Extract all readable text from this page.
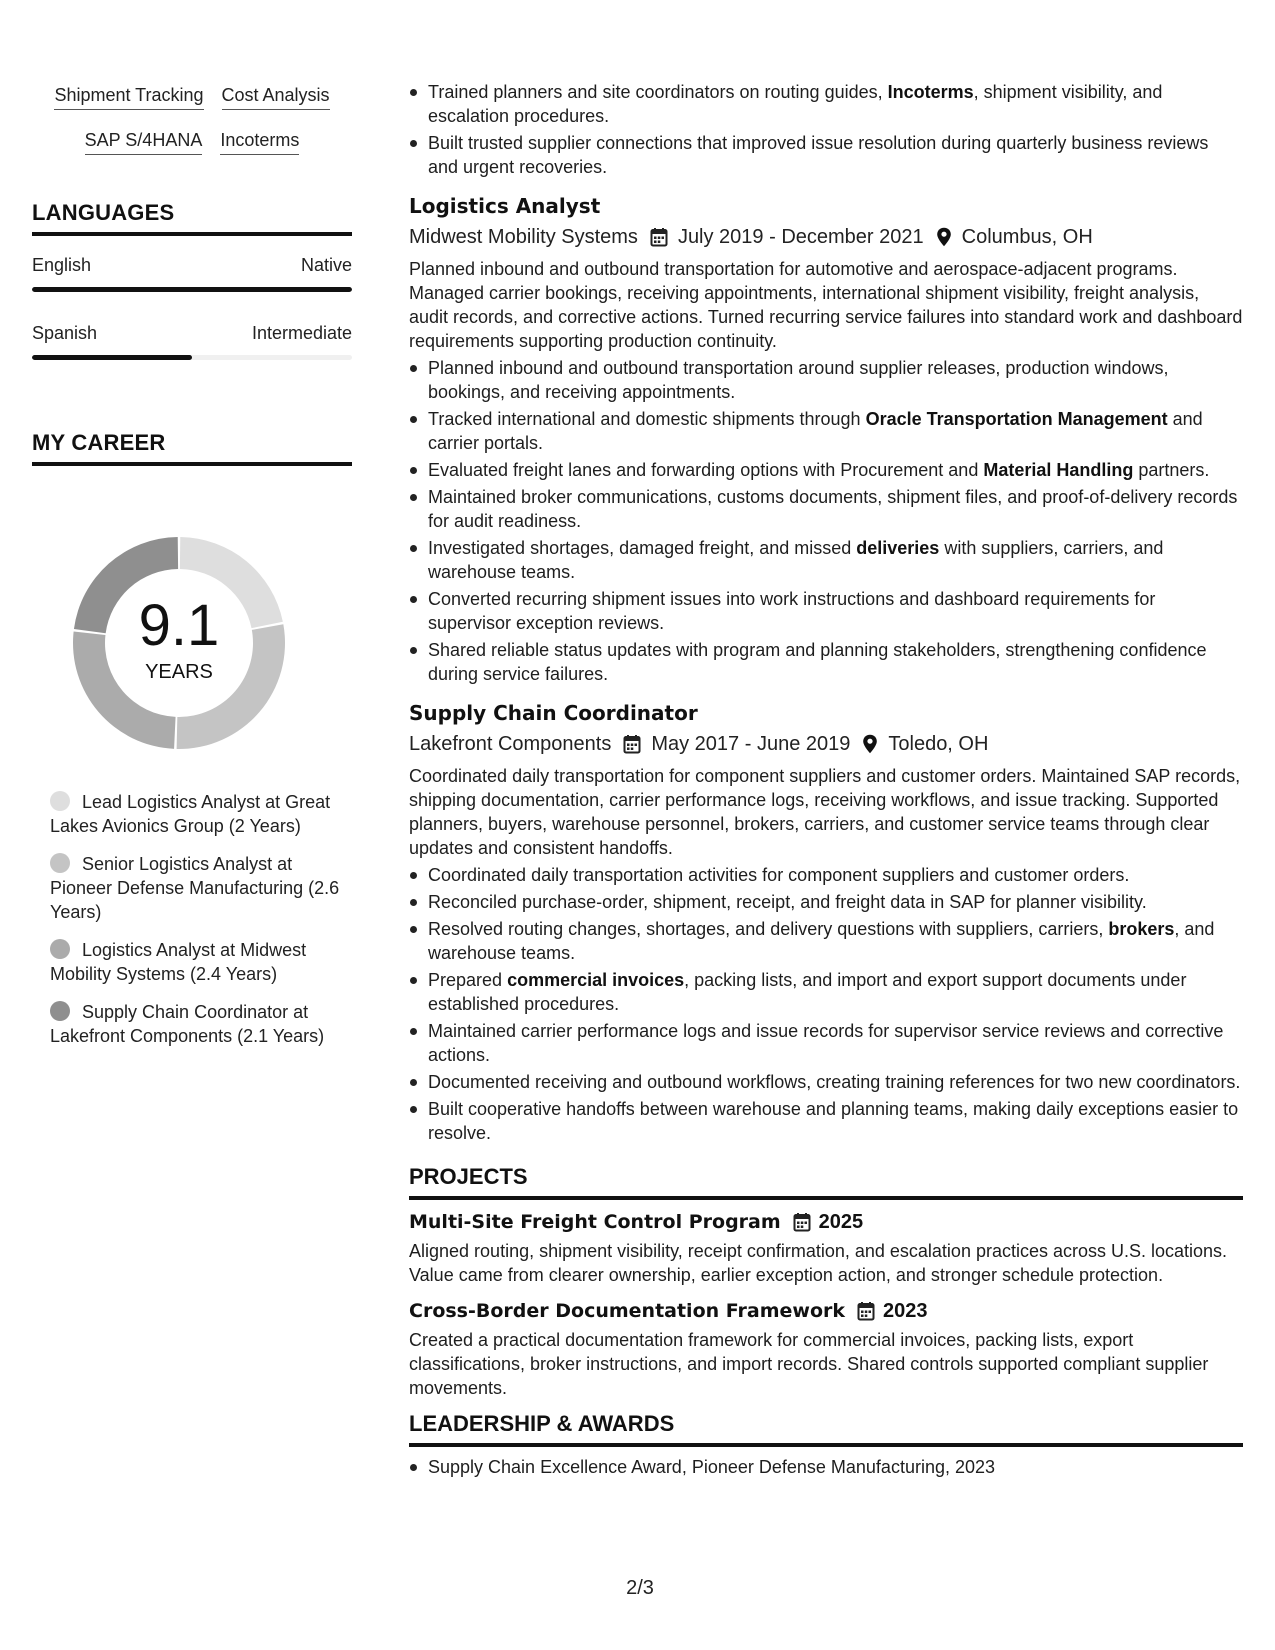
Shipment Tracking Cost Analysis
SAP S/4HANA Incoterms
LANGUAGES
English	Native
Spanish	Intermediate
MY CAREER
9.1
YEARS
Lead Logistics Analyst at Great Lakes Avionics Group (2 Years)
Senior Logistics Analyst at Pioneer Defense Manufacturing (2.6 Years)
Logistics Analyst at Midwest Mobility Systems (2.4 Years)
Supply Chain Coordinator at Lakefront Components (2.1 Years)
Trained planners and site coordinators on routing guides, Incoterms, shipment visibility, and escalation procedures.
Built trusted supplier connections that improved issue resolution during quarterly business reviews and urgent recoveries.
Logistics Analyst
Midwest Mobility Systems July 2019 - December 2021 Columbus, OH
Planned inbound and outbound transportation for automotive and aerospace-adjacent programs. Managed carrier bookings, receiving appointments, international shipment visibility, freight analysis, audit records, and corrective actions. Turned recurring service failures into standard work and dashboard requirements supporting production continuity.
Planned inbound and outbound transportation around supplier releases, production windows, bookings, and receiving appointments.
Tracked international and domestic shipments through Oracle Transportation Management and carrier portals.
Evaluated freight lanes and forwarding options with Procurement and Material Handling partners.
Maintained broker communications, customs documents, shipment files, and proof-of-delivery records for audit readiness.
Investigated shortages, damaged freight, and missed deliveries with suppliers, carriers, and warehouse teams.
Converted recurring shipment issues into work instructions and dashboard requirements for supervisor exception reviews.
Shared reliable status updates with program and planning stakeholders, strengthening confidence during service failures.
Supply Chain Coordinator
Lakefront Components May 2017 - June 2019 Toledo, OH
Coordinated daily transportation for component suppliers and customer orders. Maintained SAP records, shipping documentation, carrier performance logs, receiving workflows, and issue tracking. Supported planners, buyers, warehouse personnel, brokers, carriers, and customer service teams through clear updates and consistent handoffs.
Coordinated daily transportation activities for component suppliers and customer orders.
Reconciled purchase-order, shipment, receipt, and freight data in SAP for planner visibility.
Resolved routing changes, shortages, and delivery questions with suppliers, carriers, brokers, and warehouse teams.
Prepared commercial invoices, packing lists, and import and export support documents under established procedures.
Maintained carrier performance logs and issue records for supervisor service reviews and corrective actions.
Documented receiving and outbound workflows, creating training references for two new coordinators.
Built cooperative handoffs between warehouse and planning teams, making daily exceptions easier to resolve.
PROJECTS
Multi-Site Freight Control Program 2025
Aligned routing, shipment visibility, receipt confirmation, and escalation practices across U.S. locations. Value came from clearer ownership, earlier exception action, and stronger schedule protection.
Cross-Border Documentation Framework 2023
Created a practical documentation framework for commercial invoices, packing lists, export classifications, broker instructions, and import records. Shared controls supported compliant supplier movements.
LEADERSHIP & AWARDS
Supply Chain Excellence Award, Pioneer Defense Manufacturing, 2023
2/3
